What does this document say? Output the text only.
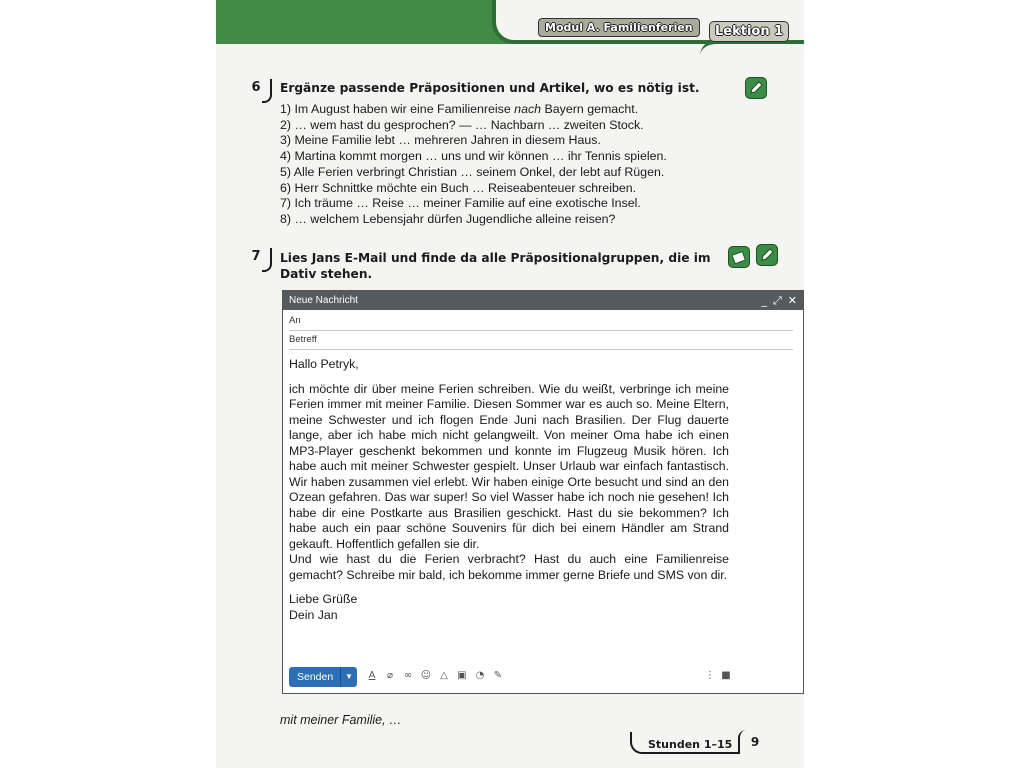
Modul A. Familienferien	Lektion 1
6	Ergänze passende Präpositionen und Artikel, wo es nötig ist.
1) Im August haben wir eine Familienreise nach Bayern gemacht.
2) … wem hast du gesprochen? — … Nachbarn … zweiten Stock.
3) Meine Familie lebt … mehreren Jahren in diesem Haus.
4) Martina kommt morgen … uns und wir können … ihr Tennis spielen.
5) Alle Ferien verbringt Christian … seinem Onkel, der lebt auf Rügen.
6) Herr Schnittke möchte ein Buch … Reiseabenteuer schreiben.
7) Ich träume … Reise … meiner Familie auf eine exotische Insel.
8) … welchem Lebensjahr dürfen Jugendliche alleine reisen?
7	Lies Jans E-Mail und finde da alle Präpositionalgruppen, die im
Dativ stehen.
Neue Nachricht	_ ⤢ ✕
An
Betreff

Hallo Petryk,

ich möchte dir über meine Ferien schreiben. Wie du weißt, verbringe ich meine Ferien immer mit meiner Familie. Diesen Sommer war es auch so. Meine Eltern, meine Schwester und ich flogen Ende Juni nach Brasilien. Der Flug dauerte lange, aber ich habe mich nicht gelangweilt. Von meiner Oma habe ich einen MP3-Player geschenkt bekommen und konnte im Flugzeug Musik hören. Ich habe auch mit meiner Schwester gespielt. Unser Urlaub war einfach fantastisch. Wir haben zusammen viel erlebt. Wir haben einige Orte besucht und sind an den Ozean gefahren. Das war super! So viel Wasser habe ich noch nie gesehen! Ich habe dir eine Postkarte aus Brasilien geschickt. Hast du sie bekommen? Ich habe auch ein paar schöne Souvenirs für dich bei einem Händler am Strand gekauft. Hoffentlich gefallen sie dir.

Und wie hast du die Ferien verbracht? Hast du auch eine Familienreise gemacht? Schreibe mir bald, ich bekomme immer gerne Briefe und SMS von dir.

Liebe Grüße

Dein Jan

Senden	▼	A	⌀	∞ ☺ △ ▣ ◔ ✎	⋮ ■
mit meiner Familie, …
Stunden 1–15	9
